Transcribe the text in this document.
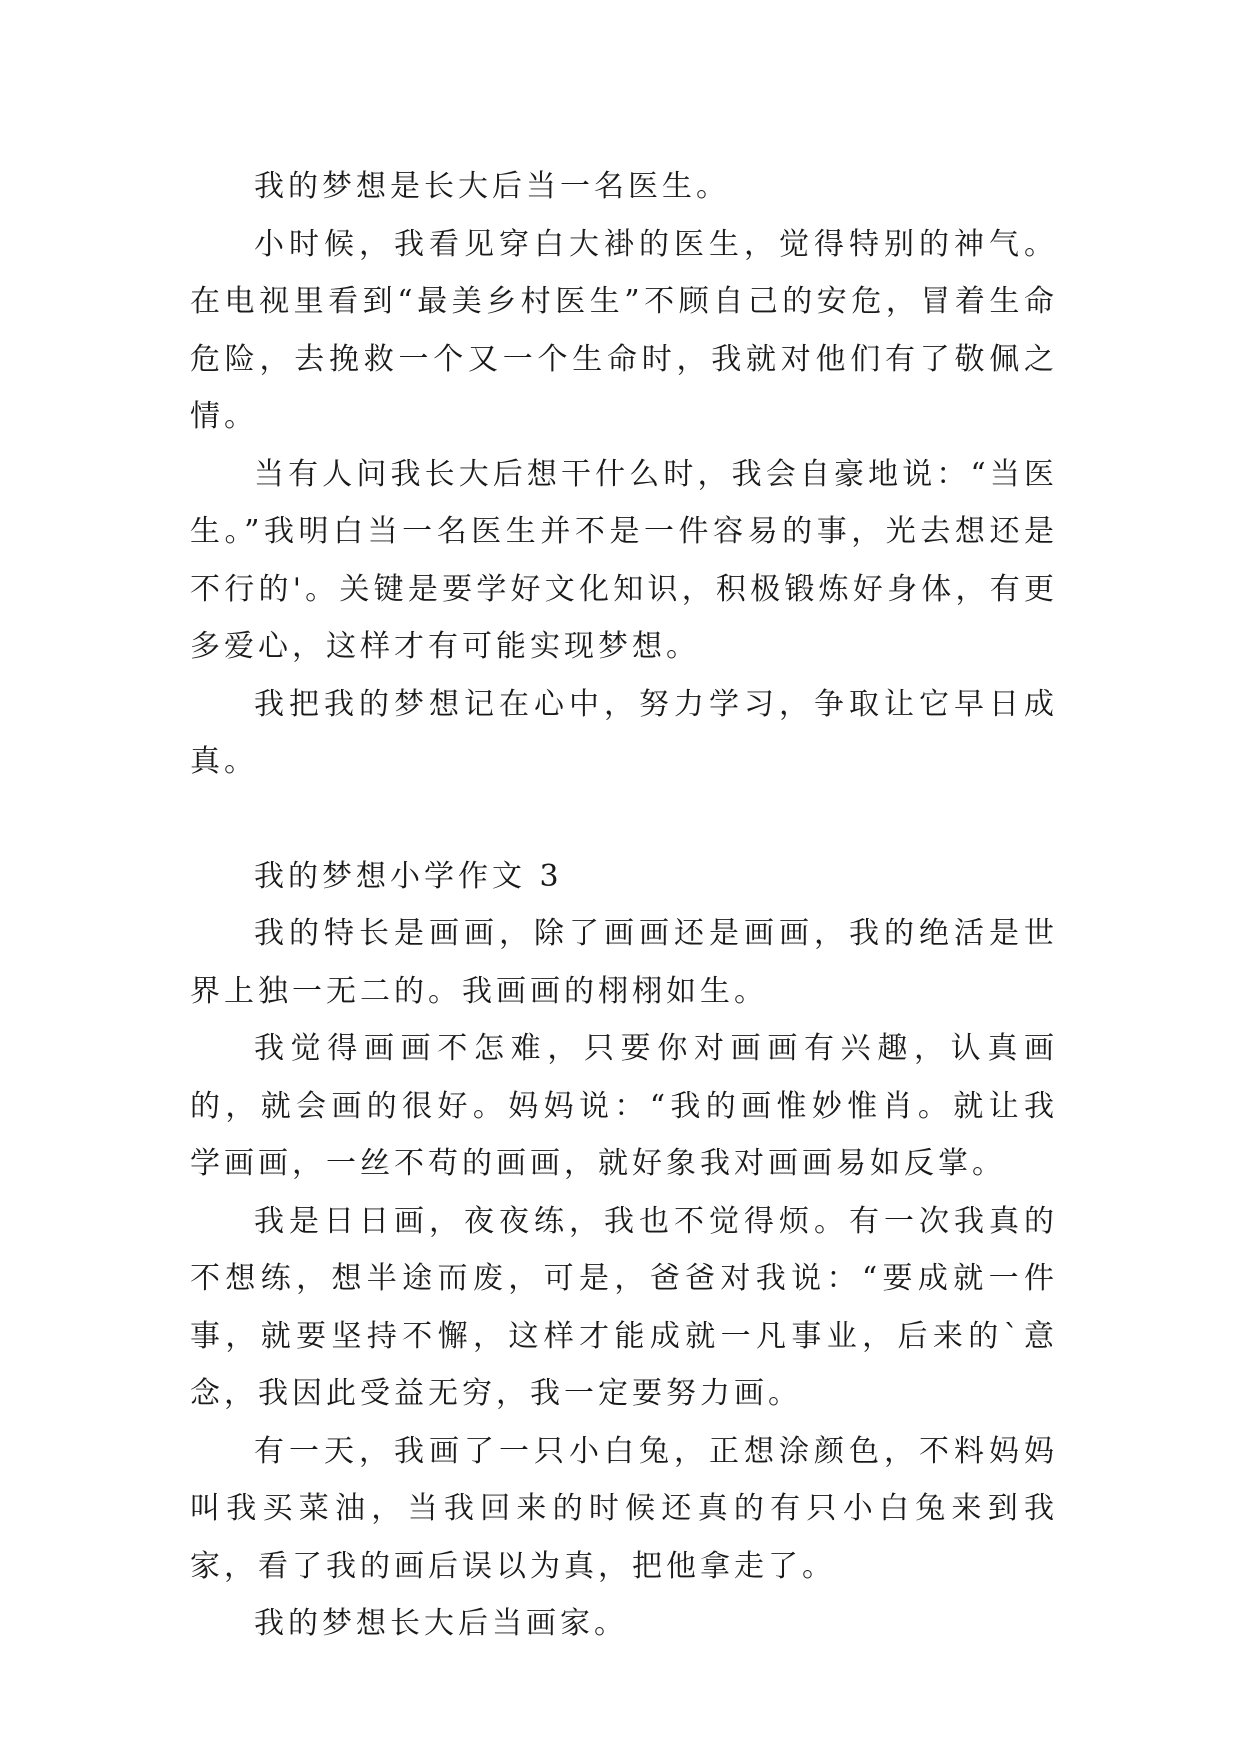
我的梦想是长大后当一名医生。

小时候，我看见穿白大褂的医生，觉得特别的神气。在电视里看到“最美乡村医生”不顾自己的安危，冒着生命危险，去挽救一个又一个生命时，我就对他们有了敬佩之情。

当有人问我长大后想干什么时，我会自豪地说：“当医生。”我明白当一名医生并不是一件容易的事，光去想还是不行的'。关键是要学好文化知识，积极锻炼好身体，有更多爱心，这样才有可能实现梦想。

我把我的梦想记在心中，努力学习，争取让它早日成真。

我的梦想小学作文 3

我的特长是画画，除了画画还是画画，我的绝活是世界上独一无二的。我画画的栩栩如生。

我觉得画画不怎难，只要你对画画有兴趣，认真画的，就会画的很好。妈妈说：“我的画惟妙惟肖。就让我学画画，一丝不苟的画画，就好象我对画画易如反掌。

我是日日画，夜夜练，我也不觉得烦。有一次我真的不想练，想半途而废，可是，爸爸对我说：“要成就一件事，就要坚持不懈，这样才能成就一凡事业，后来的`意念，我因此受益无穷，我一定要努力画。

有一天，我画了一只小白兔，正想涂颜色，不料妈妈叫我买菜油，当我回来的时候还真的有只小白兔来到我家，看了我的画后误以为真，把他拿走了。

我的梦想长大后当画家。
